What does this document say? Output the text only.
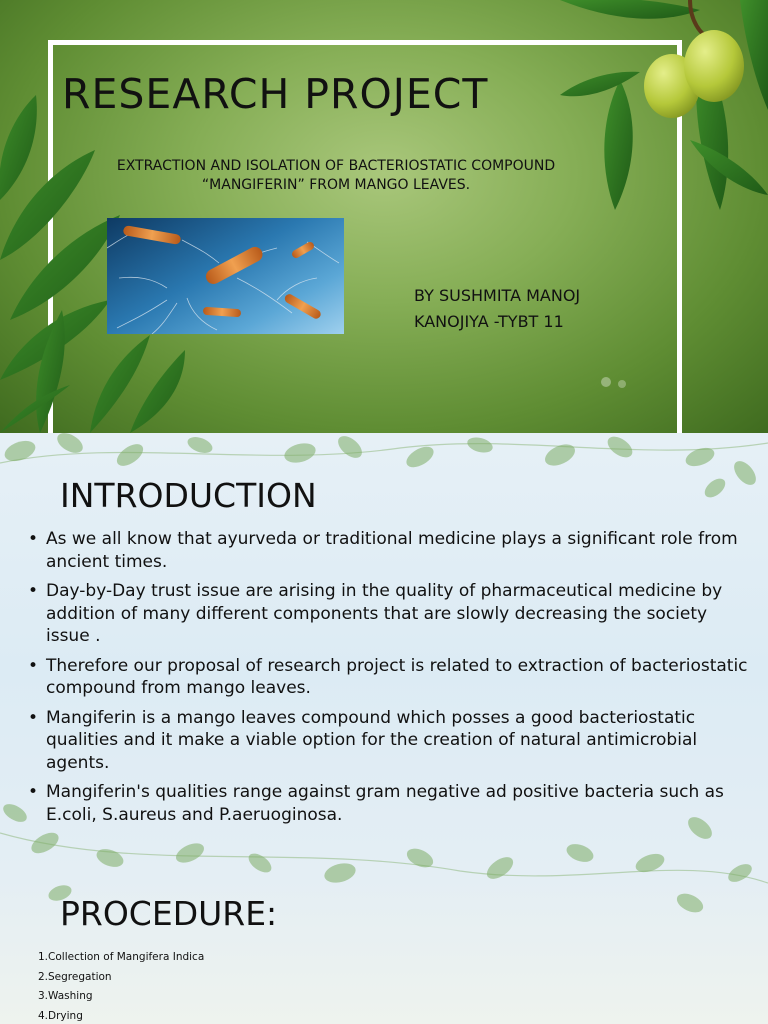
RESEARCH PROJECT

EXTRACTION AND ISOLATION OF BACTERIOSTATIC COMPOUND
“MANGIFERIN” FROM MANGO LEAVES.

BY SUSHMITA MANOJ
KANOJIYA -TYBT 11

INTRODUCTION
• As we all know that ayurveda or traditional medicine plays a significant role from ancient times.
• Day-by-Day trust issue are arising in the quality of pharmaceutical medicine by addition of many different components that are slowly decreasing the society issue .
• Therefore our proposal of research project is related to extraction of bacteriostatic compound from mango leaves.
• Mangiferin is a mango leaves compound which posses a good bacteriostatic qualities and it make a viable option for the creation of natural antimicrobial agents.
• Mangiferin's qualities range against gram negative ad positive bacteria such as E.coli, S.aureus and P.aeruoginosa.
PROCEDURE:
1.Collection of Mangifera Indica
2.Segregation
3.Washing
4.Drying
